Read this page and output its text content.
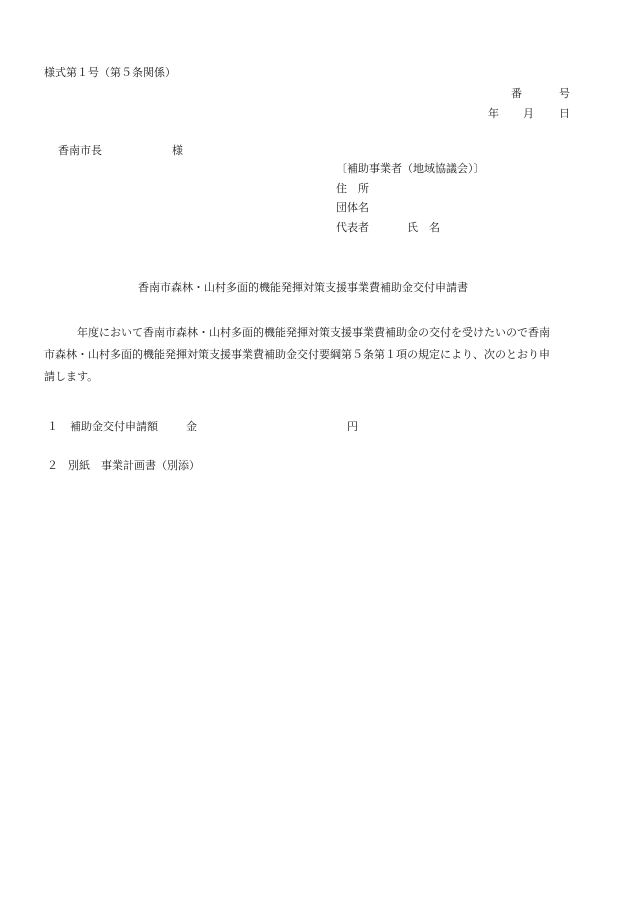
様式第１号（第５条関係）
番	号
年 月 日
香南市長	様
〔補助事業者（地域協議会）〕
住　所
団体名
代表者	氏　名
香南市森林・山村多面的機能発揮対策支援事業費補助金交付申請書
年度において香南市森林・山村多面的機能発揮対策支援事業費補助金の交付を受けたいので香南
市森林・山村多面的機能発揮対策支援事業費補助金交付要綱第５条第１項の規定により、次のとおり申
請します。
１ 補助金交付申請額	金	円
２ 別紙　事業計画書（別添）
